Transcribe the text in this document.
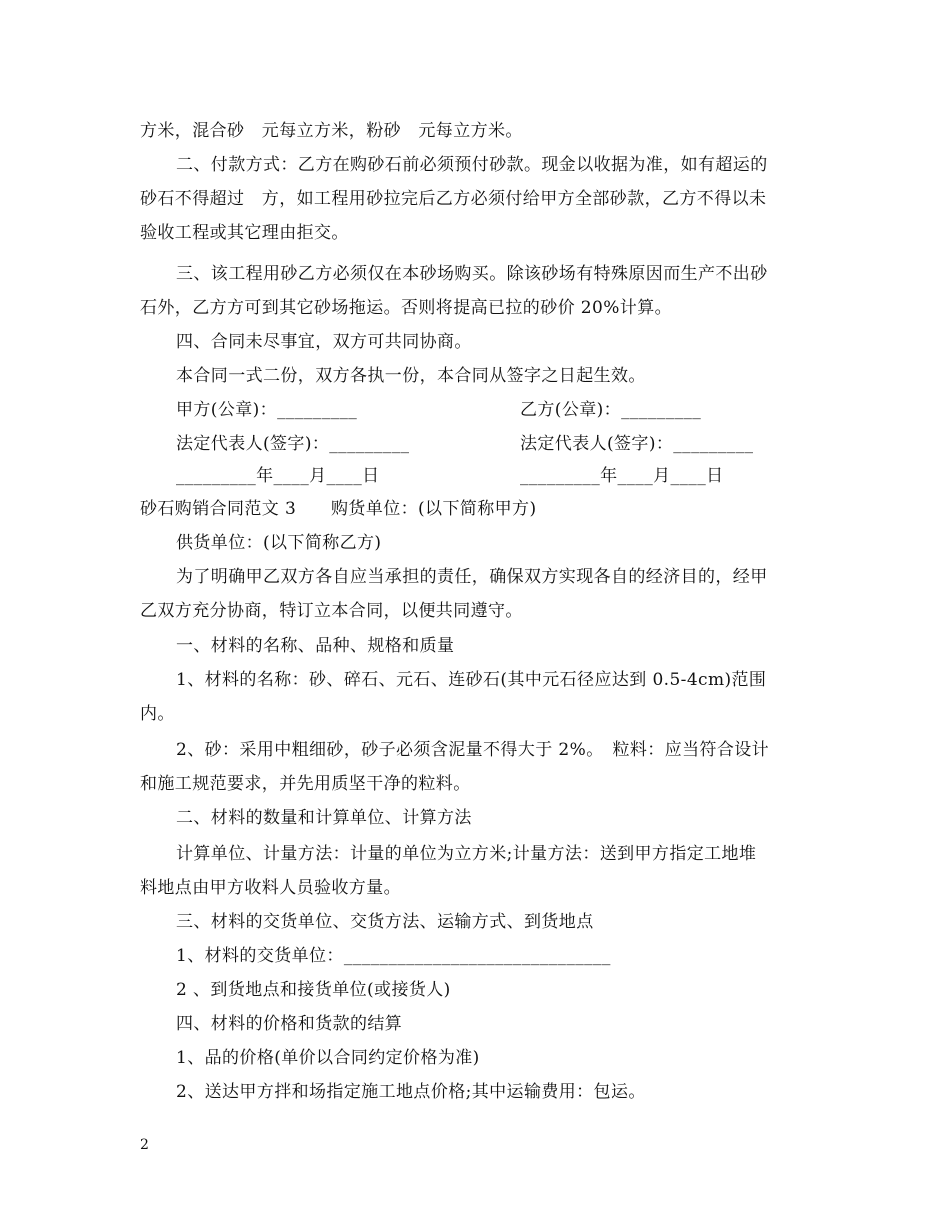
方米，混合砂　元每立方米，粉砂　元每立方米。
二、付款方式：乙方在购砂石前必须预付砂款。现金以收据为准，如有超运的
砂石不得超过　方，如工程用砂拉完后乙方必须付给甲方全部砂款，乙方不得以未
验收工程或其它理由拒交。
三、该工程用砂乙方必须仅在本砂场购买。除该砂场有特殊原因而生产不出砂
石外，乙方方可到其它砂场拖运。否则将提高已拉的砂价 20%计算。
四、合同未尽事宜，双方可共同协商。
本合同一式二份，双方各执一份，本合同从签字之日起生效。
甲方(公章)：_________	乙方(公章)：_________
法定代表人(签字)：_________	法定代表人(签字)：_________
_________年____月____日	_________年____月____日
砂石购销合同范文 3　　购货单位：(以下简称甲方)
供货单位：(以下简称乙方)
为了明确甲乙双方各自应当承担的责任，确保双方实现各自的经济目的，经甲
乙双方充分协商，特订立本合同，以便共同遵守。
一、材料的名称、品种、规格和质量
1、材料的名称：砂、碎石、元石、连砂石(其中元石径应达到 0.5-4cm)范围
内。
2、砂：采用中粗细砂，砂子必须含泥量不得大于 2%。　粒料：应当符合设计
和施工规范要求，并先用质坚干净的粒料。
二、材料的数量和计算单位、计算方法
计算单位、计量方法：计量的单位为立方米;计量方法：送到甲方指定工地堆
料地点由甲方收料人员验收方量。
三、材料的交货单位、交货方法、运输方式、到货地点
1、材料的交货单位：______________________________
2 、到货地点和接货单位(或接货人)
四、材料的价格和货款的结算
1、品的价格(单价以合同约定价格为准)
2、送达甲方拌和场指定施工地点价格;其中运输费用：包运。
2
